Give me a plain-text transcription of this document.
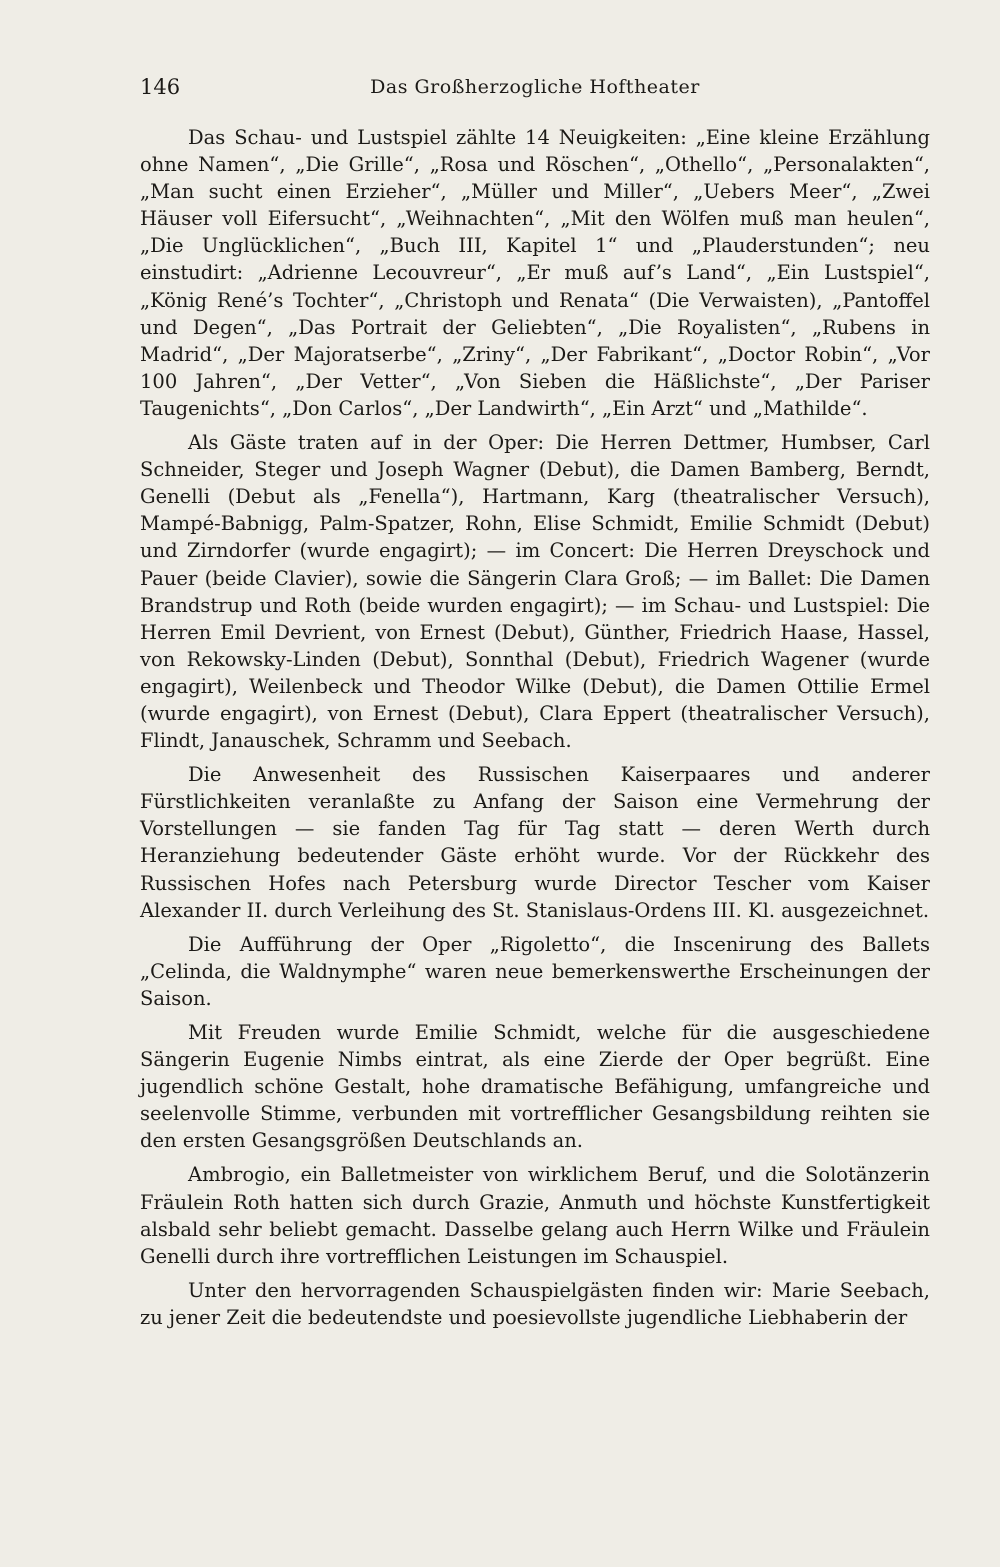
146	Das Großherzogliche Hoftheater

Das Schau- und Lustspiel zählte 14 Neuigkeiten: „Eine kleine Erzählung ohne Namen“, „Die Grille“, „Rosa und Röschen“, „Othello“, „Personalakten“, „Man sucht einen Erzieher“, „Müller und Miller“, „Uebers Meer“, „Zwei Häuser voll Eifersucht“, „Weihnachten“, „Mit den Wölfen muß man heulen“, „Die Unglücklichen“, „Buch III, Kapitel 1“ und „Plauderstunden“; neu einstudirt: „Adrienne Lecouvreur“, „Er muß auf’s Land“, „Ein Lustspiel“, „König René’s Tochter“, „Christoph und Renata“ (Die Verwaisten), „Pantoffel und Degen“, „Das Portrait der Geliebten“, „Die Royalisten“, „Rubens in Madrid“, „Der Majoratserbe“, „Zriny“, „Der Fabrikant“, „Doctor Robin“, „Vor 100 Jahren“, „Der Vetter“, „Von Sieben die Häßlichste“, „Der Pariser Taugenichts“, „Don Carlos“, „Der Landwirth“, „Ein Arzt“ und „Mathilde“.

Als Gäste traten auf in der Oper: Die Herren Dettmer, Humbser, Carl Schneider, Steger und Joseph Wagner (Debut), die Damen Bamberg, Berndt, Genelli (Debut als „Fenella“), Hartmann, Karg (theatralischer Versuch), Mampé-Babnigg, Palm-Spatzer, Rohn, Elise Schmidt, Emilie Schmidt (Debut) und Zirndorfer (wurde engagirt); — im Concert: Die Herren Dreyschock und Pauer (beide Clavier), sowie die Sängerin Clara Groß; — im Ballet: Die Damen Brandstrup und Roth (beide wurden engagirt); — im Schau- und Lustspiel: Die Herren Emil Devrient, von Ernest (Debut), Günther, Friedrich Haase, Hassel, von Rekowsky-Linden (Debut), Sonnthal (Debut), Friedrich Wagener (wurde engagirt), Weilenbeck und Theodor Wilke (Debut), die Damen Ottilie Ermel (wurde engagirt), von Ernest (Debut), Clara Eppert (theatralischer Versuch), Flindt, Janauschek, Schramm und Seebach.

Die Anwesenheit des Russischen Kaiserpaares und anderer Fürstlichkeiten veranlaßte zu Anfang der Saison eine Vermehrung der Vorstellungen — sie fanden Tag für Tag statt — deren Werth durch Heranziehung bedeutender Gäste erhöht wurde. Vor der Rückkehr des Russischen Hofes nach Petersburg wurde Director Tescher vom Kaiser Alexander II. durch Verleihung des St. Stanislaus-Ordens III. Kl. ausgezeichnet.

Die Aufführung der Oper „Rigoletto“, die Inscenirung des Ballets „Celinda, die Waldnymphe“ waren neue bemerkenswerthe Erscheinungen der Saison.

Mit Freuden wurde Emilie Schmidt, welche für die ausgeschiedene Sängerin Eugenie Nimbs eintrat, als eine Zierde der Oper begrüßt. Eine jugendlich schöne Gestalt, hohe dramatische Befähigung, umfangreiche und seelenvolle Stimme, verbunden mit vortrefflicher Gesangsbildung reihten sie den ersten Gesangsgrößen Deutschlands an.

Ambrogio, ein Balletmeister von wirklichem Beruf, und die Solotänzerin Fräulein Roth hatten sich durch Grazie, Anmuth und höchste Kunstfertigkeit alsbald sehr beliebt gemacht. Dasselbe gelang auch Herrn Wilke und Fräulein Genelli durch ihre vortrefflichen Leistungen im Schauspiel.

Unter den hervorragenden Schauspielgästen finden wir: Marie Seebach, zu jener Zeit die bedeutendste und poesievollste jugendliche Liebhaberin der
